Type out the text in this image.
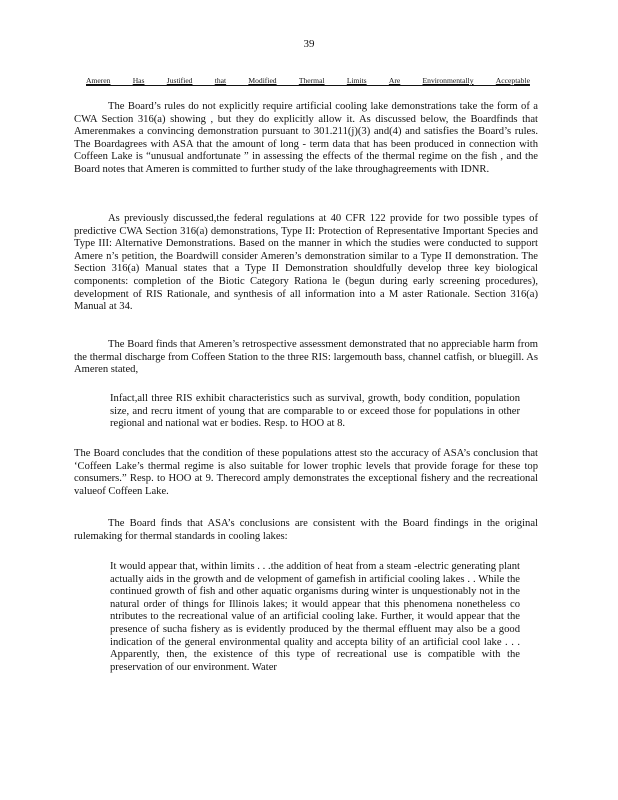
39
Ameren	Has	Justified	that	Modified	Thermal	Limits	Are	Environmentally	Acceptable

The Board’s rules do not explicitly require artificial cooling lake demonstrations take the form of a CWA Section 316(a) showing , but they do explicitly allow it. As discussed below, the Boardfinds that Amerenmakes a convincing demonstration pursuant to 301.211(j)(3) and(4) and satisfies the Board’s rules. The Boardagrees with ASA that the amount of long - term data that has been produced in connection with Coffeen Lake is “unusual andfortunate ” in assessing the effects of the thermal regime on the fish , and the Board notes that Ameren is committed to further study of the lake throughagreements with IDNR.

As previously discussed,the federal regulations at 40 CFR 122 provide for two possible types of predictive CWA Section 316(a) demonstrations, Type II: Protection of Representative Important Species and Type III: Alternative Demonstrations. Based on the manner in which the studies were conducted to support Amere n’s petition, the Boardwill consider Ameren’s demonstration similar to a Type II demonstration. The Section 316(a) Manual states that a Type II Demonstration shouldfully develop three key biological components: completion of the Biotic Category Rationa le (begun during early screening procedures), development of RIS Rationale, and synthesis of all information into a M aster Rationale. Section 316(a) Manual at 34.

The Board finds that Ameren’s retrospective assessment demonstrated that no appreciable harm from the thermal discharge from Coffeen Station to the three RIS: largemouth bass, channel catfish, or bluegill. As Ameren stated,

Infact,all three RIS exhibit characteristics such as survival, growth, body condition, population size, and recru itment of young that are comparable to or exceed those for populations in other regional and national wat er bodies. Resp. to HOO at 8.

The Board concludes that the condition of these populations attest sto the accuracy of ASA’s conclusion that ‘Coffeen Lake’s thermal regime is also suitable for lower trophic levels that provide forage for these top consumers.” Resp. to HOO at 9. Therecord amply demonstrates the exceptional fishery and the recreational valueof Coffeen Lake.

The Board finds that ASA’s conclusions are consistent with the Board findings in the original rulemaking for thermal standards in cooling lakes:

It would appear that, within limits . . .the addition of heat from a steam -electric generating plant actually aids in the growth and de velopment of gamefish in artificial cooling lakes . . While the continued growth of fish and other aquatic organisms during winter is unquestionably not in the natural order of things for Illinois lakes; it would appear that this phenomena nonetheless co ntributes to the recreational value of an artificial cooling lake. Further, it would appear that the presence of sucha fishery as is evidently produced by the thermal effluent may also be a good indication of the general environmental quality and accepta bility of an artificial cool lake . . . Apparently, then, the existence of this type of recreational use is compatible with the preservation of our environment. Water
